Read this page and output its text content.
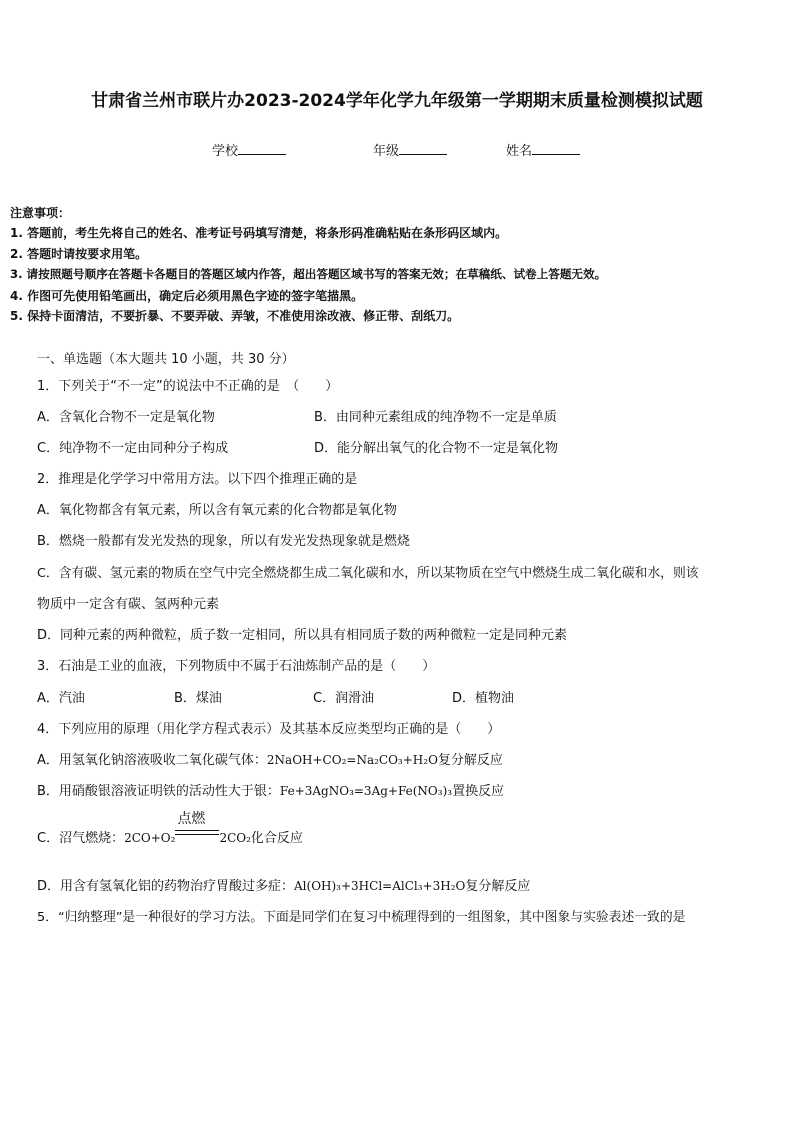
甘肃省兰州市联片办2023-2024学年化学九年级第一学期期末质量检测模拟试题
学校	年级	姓名
注意事项：
1. 答题前，考生先将自己的姓名、准考证号码填写清楚，将条形码准确粘贴在条形码区域内。
2. 答题时请按要求用笔。
3. 请按照题号顺序在答题卡各题目的答题区域内作答，超出答题区域书写的答案无效；在草稿纸、试卷上答题无效。
4. 作图可先使用铅笔画出，确定后必须用黑色字迹的签字笔描黑。
5. 保持卡面清洁，不要折暴、不要弄破、弄皱，不准使用涂改液、修正带、刮纸刀。
一、单选题（本大题共 10 小题，共 30 分）
1．下列关于“不一定”的说法中不正确的是　（　　）
A．含氧化合物不一定是氧化物	B．由同种元素组成的纯净物不一定是单质
C．纯净物不一定由同种分子构成	D．能分解出氧气的化合物不一定是氧化物
2．推理是化学学习中常用方法。以下四个推理正确的是
A．氧化物都含有氧元素，所以含有氧元素的化合物都是氧化物
B．燃烧一般都有发光发热的现象，所以有发光发热现象就是燃烧
C．含有碳、氢元素的物质在空气中完全燃烧都生成二氧化碳和水，所以某物质在空气中燃烧生成二氧化碳和水，则该
物质中一定含有碳、氢两种元素
D．同种元素的两种微粒，质子数一定相同，所以具有相同质子数的两种微粒一定是同种元素
3．石油是工业的血液，下列物质中不属于石油炼制产品的是（　　）
A．汽油	B．煤油	C．润滑油	D．植物油
4．下列应用的原理（用化学方程式表示）及其基本反应类型均正确的是（　　）
A．用氢氧化钠溶液吸收二氧化碳气体：2NaOH+CO₂=Na₂CO₃+H₂O复分解反应
B．用硝酸银溶液证明铁的活动性大于银：Fe+3AgNO₃=3Ag+Fe(NO₃)₃置换反应
C．沼气燃烧：2CO+O₂
点燃
2CO₂化合反应
D．用含有氢氧化铝的药物治疗胃酸过多症：Al(OH)₃+3HCl=AlCl₃+3H₂O复分解反应
5．“归纳整理”是一种很好的学习方法。下面是同学们在复习中梳理得到的一组图象，其中图象与实验表述一致的是
